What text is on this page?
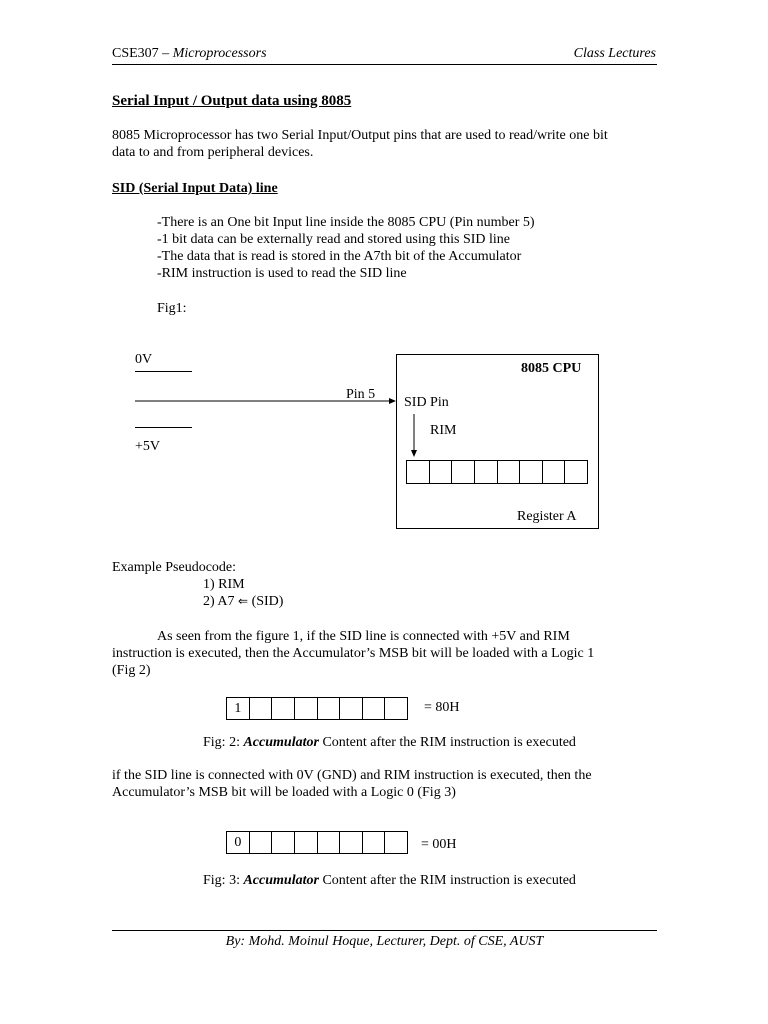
CSE307 – Microprocessors	Class Lectures
Serial Input / Output data using 8085
8085 Microprocessor has two Serial Input/Output pins that are used to read/write one bit
data to and from peripheral devices.
SID (Serial Input Data) line
-There is an One bit Input line inside the 8085 CPU (Pin number 5)
-1 bit data can be externally read and stored using this SID line
-The data that is read is stored in the A7th bit of the Accumulator
-RIM instruction is used to read the SID line
Fig1:
0V
+5V
Pin 5
8085 CPU
SID Pin
RIM
Register A
Example Pseudocode:
1) RIM
2) A7 ⇐ (SID)
As seen from the figure 1, if the SID line is connected with +5V and RIM
instruction is executed, then the Accumulator’s MSB bit will be loaded with a Logic 1
(Fig 2)
1	= 80H
Fig: 2: Accumulator Content after the RIM instruction is executed
if the SID line is connected with 0V (GND) and RIM instruction is executed, then the
Accumulator’s MSB bit will be loaded with a Logic 0 (Fig 3)
0	= 00H
Fig: 3: Accumulator Content after the RIM instruction is executed
By: Mohd. Moinul Hoque, Lecturer, Dept. of CSE, AUST
